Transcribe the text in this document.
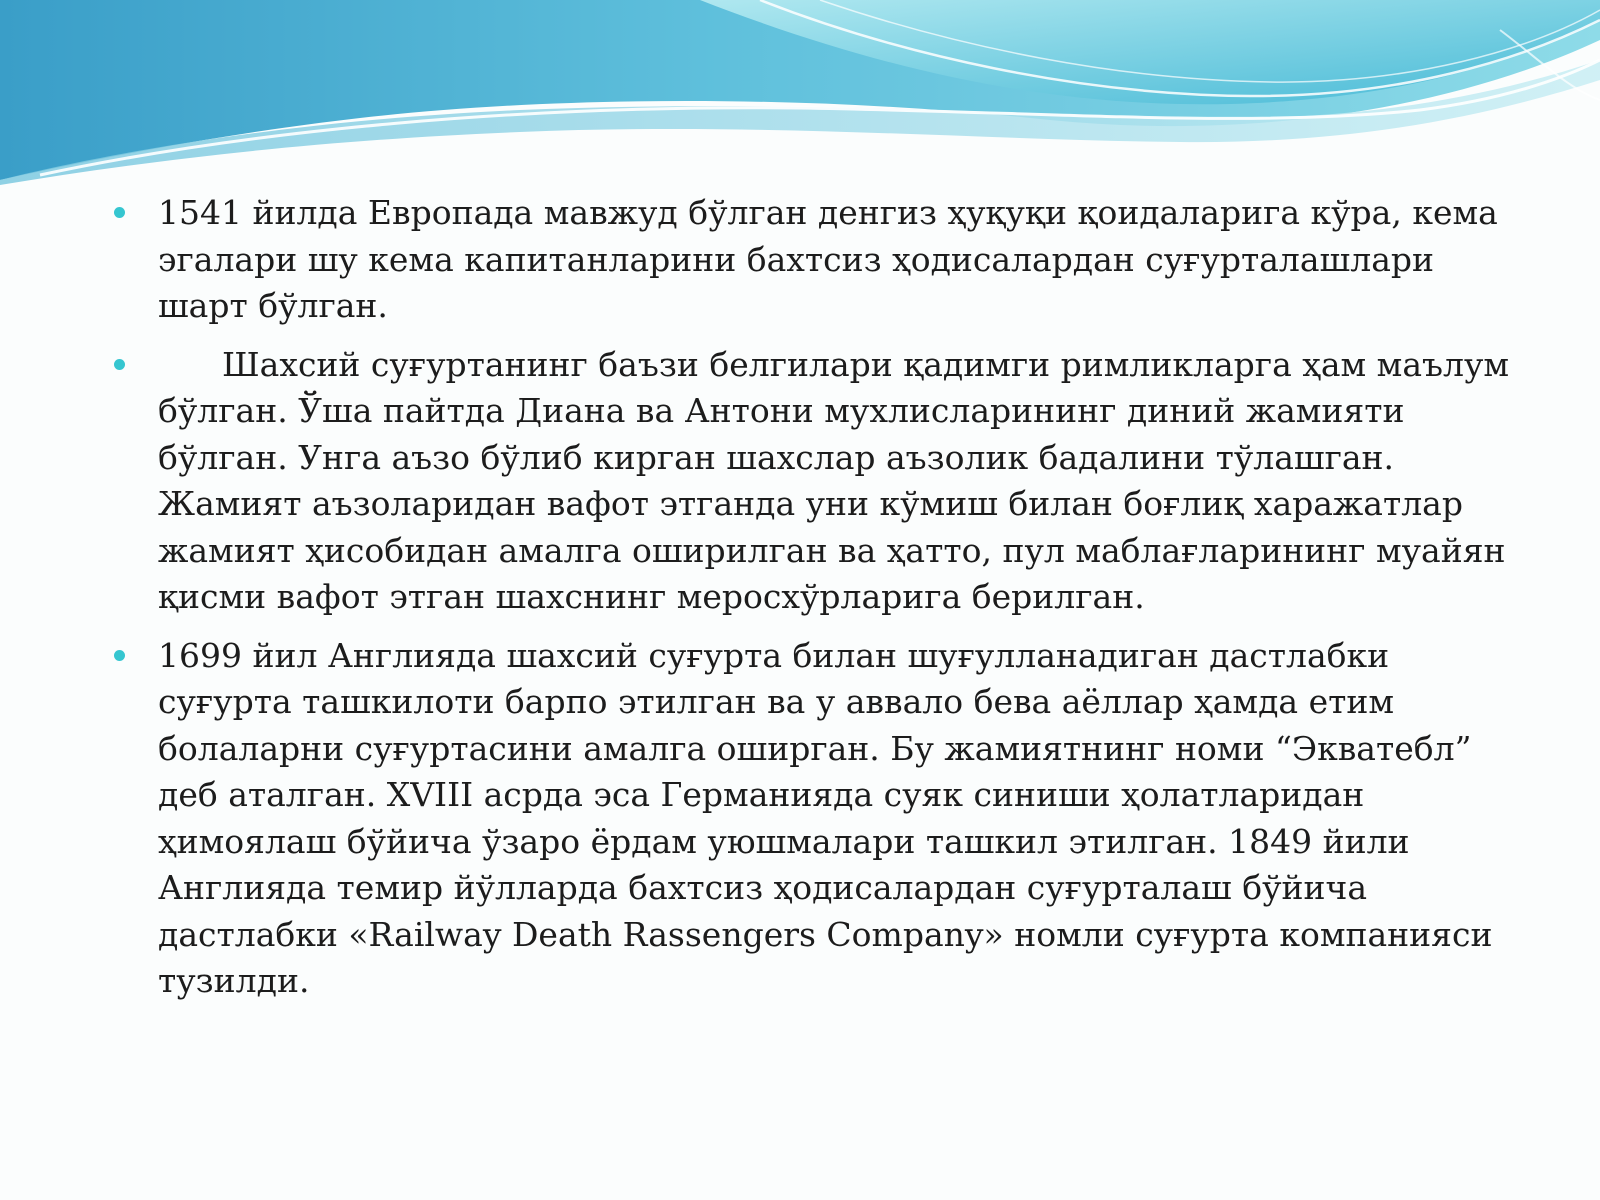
1541 йилда Европада мавжуд бўлган денгиз ҳуқуқи қоидаларига кўра, кема эгалари шу кема капитанларини бахтсиз ҳодисалардан суғурталашлари шарт бўлган.
Шахсий суғуртанинг баъзи белгилари қадимги римликларга ҳам маълум бўлган. Ўша пайтда Диана ва Антони мухлисларининг диний жамияти бўлган. Унга аъзо бўлиб кирган шахслар аъзолик бадалини тўлашган. Жамият аъзоларидан вафот этганда уни кўмиш билан боғлиқ харажатлар жамият ҳисобидан амалга оширилган ва ҳатто, пул маблағларининг муайян қисми вафот этган шахснинг меросхўрларига берилган.
1699 йил Англияда шахсий суғурта билан шуғулланадиган дастлабки суғурта ташкилоти барпо этилган ва у аввало бева аёллар ҳамда етим болаларни суғуртасини амалга оширган. Бу жамиятнинг номи “Экватебл” деб аталган. XVIII асрда эса Германияда суяк синиши ҳолатларидан ҳимоялаш бўйича ўзаро ёрдам уюшмалари ташкил этилган. 1849 йили Англияда темир йўлларда бахтсиз ҳодисалардан суғурталаш бўйича дастлабки «Railway Death Rassengers Company» номли суғурта компанияси тузилди.
